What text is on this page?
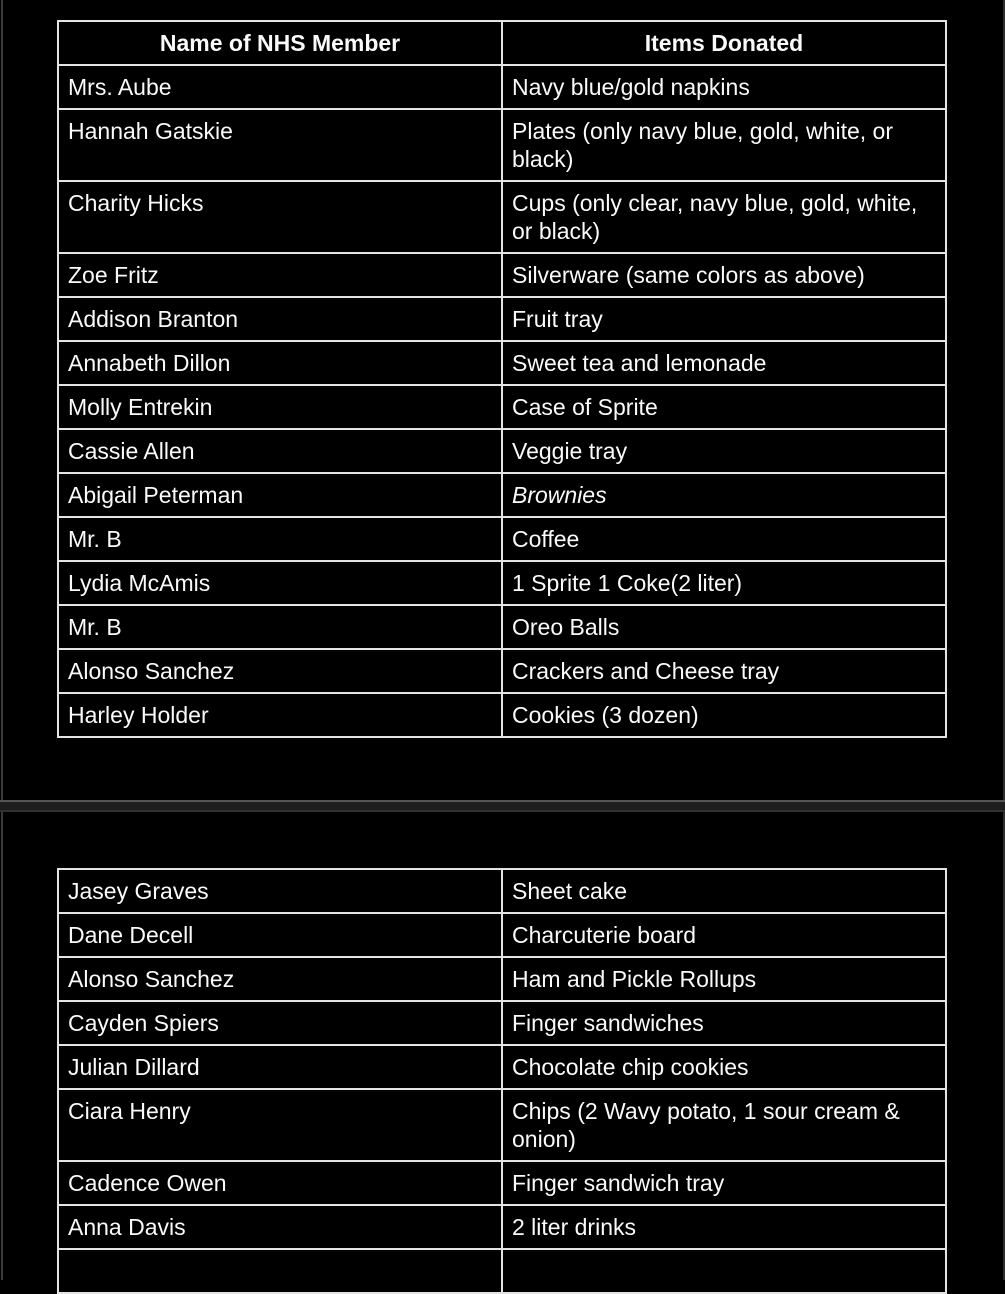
Name of NHS Member	Items Donated
Mrs. Aube	Navy blue/gold napkins
Hannah Gatskie	Plates (only navy blue, gold, white, or black)
Charity Hicks	Cups (only clear, navy blue, gold, white, or black)
Zoe Fritz	Silverware (same colors as above)
Addison Branton	Fruit tray
Annabeth Dillon	Sweet tea and lemonade
Molly Entrekin	Case of Sprite
Cassie Allen	Veggie tray
Abigail Peterman	Brownies
Mr. B	Coffee
Lydia McAmis	1 Sprite 1 Coke(2 liter)
Mr. B	Oreo Balls
Alonso Sanchez	Crackers and Cheese tray
Harley Holder	Cookies (3 dozen)
Jasey Graves	Sheet cake
Dane Decell	Charcuterie board
Alonso Sanchez	Ham and Pickle Rollups
Cayden Spiers	Finger sandwiches
Julian Dillard	Chocolate chip cookies
Ciara Henry	Chips (2 Wavy potato, 1 sour cream & onion)
Cadence Owen	Finger sandwich tray
Anna Davis	2 liter drinks
